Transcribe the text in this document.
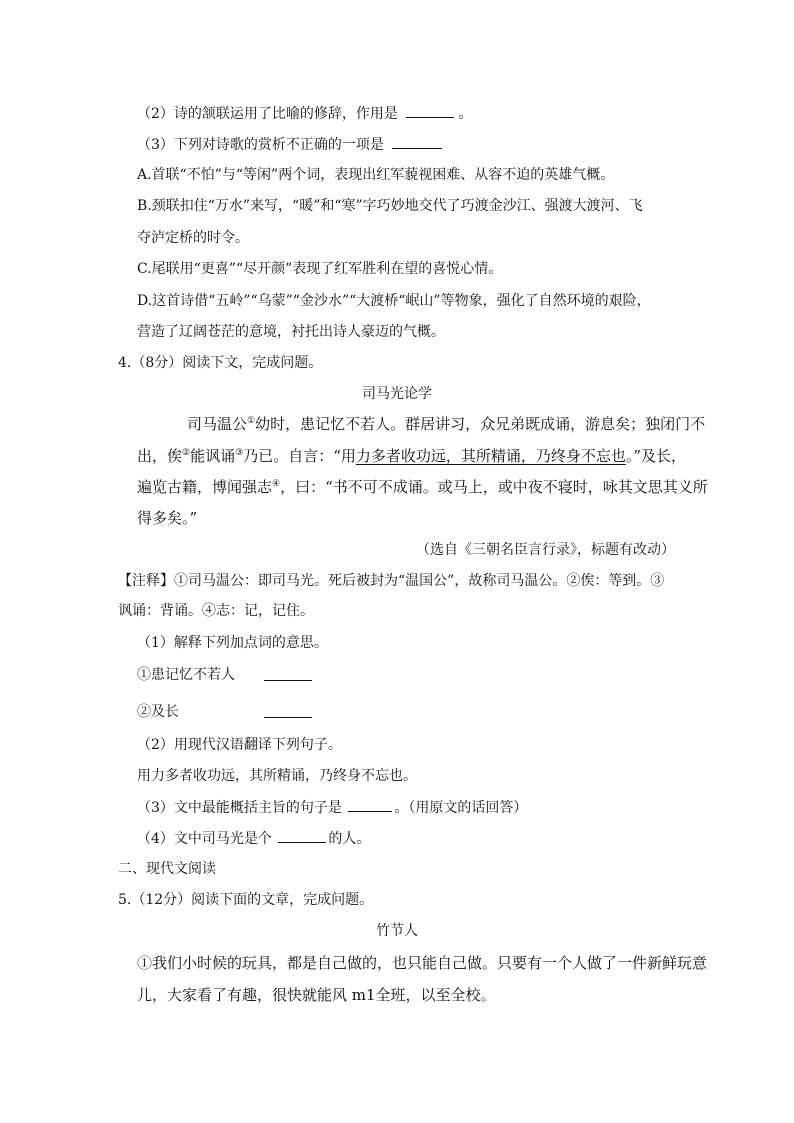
（2）诗的颔联运用了比喻的修辞，作用是	。
（3）下列对诗歌的赏析不正确的一项是
A.首联“不怕”与“等闲”两个词，表现出红军藐视困难、从容不迫的英雄气概。
B.颈联扣住“万水”来写，“暖”和“寒”字巧妙地交代了巧渡金沙江、强渡大渡河、飞
夺泸定桥的时令。
C.尾联用“更喜”“尽开颜”表现了红军胜利在望的喜悦心情。
D.这首诗借“五岭”“乌蒙”“金沙水”“大渡桥“岷山”等物象，强化了自然环境的艰险，
营造了辽阔苍茫的意境，衬托出诗人豪迈的气概。
4.（8分）阅读下文，完成问题。
司马光论学
司马温公①幼时，患记忆不若人。群居讲习，众兄弟既成诵，游息矣；独闭门不
出，俟②能讽诵③乃已。自言：“用力多者收功远，其所精诵，乃终身不忘也。”及长，
遍览古籍，博闻强志④，曰：“书不可不成诵。或马上，或中夜不寝时，咏其文思其义所
得多矣。”
（选自《三朝名臣言行录》，标题有改动）
【注释】①司马温公：即司马光。死后被封为“温国公”，故称司马温公。②俟：等到。③
讽诵：背诵。④志：记，记住。
（1）解释下列加点词的意思。
①患记忆不若人
②及长
（2）用现代汉语翻译下列句子。
用力多者收功远，其所精诵，乃终身不忘也。
（3）文中最能概括主旨的句子是	。（用原文的话回答）
（4）文中司马光是个	的人。
二、现代文阅读
5.（12分）阅读下面的文章，完成问题。
竹节人
①我们小时候的玩具，都是自己做的，也只能自己做。只要有一个人做了一件新鲜玩意
儿，大家看了有趣，很快就能风 m1全班，以至全校。
